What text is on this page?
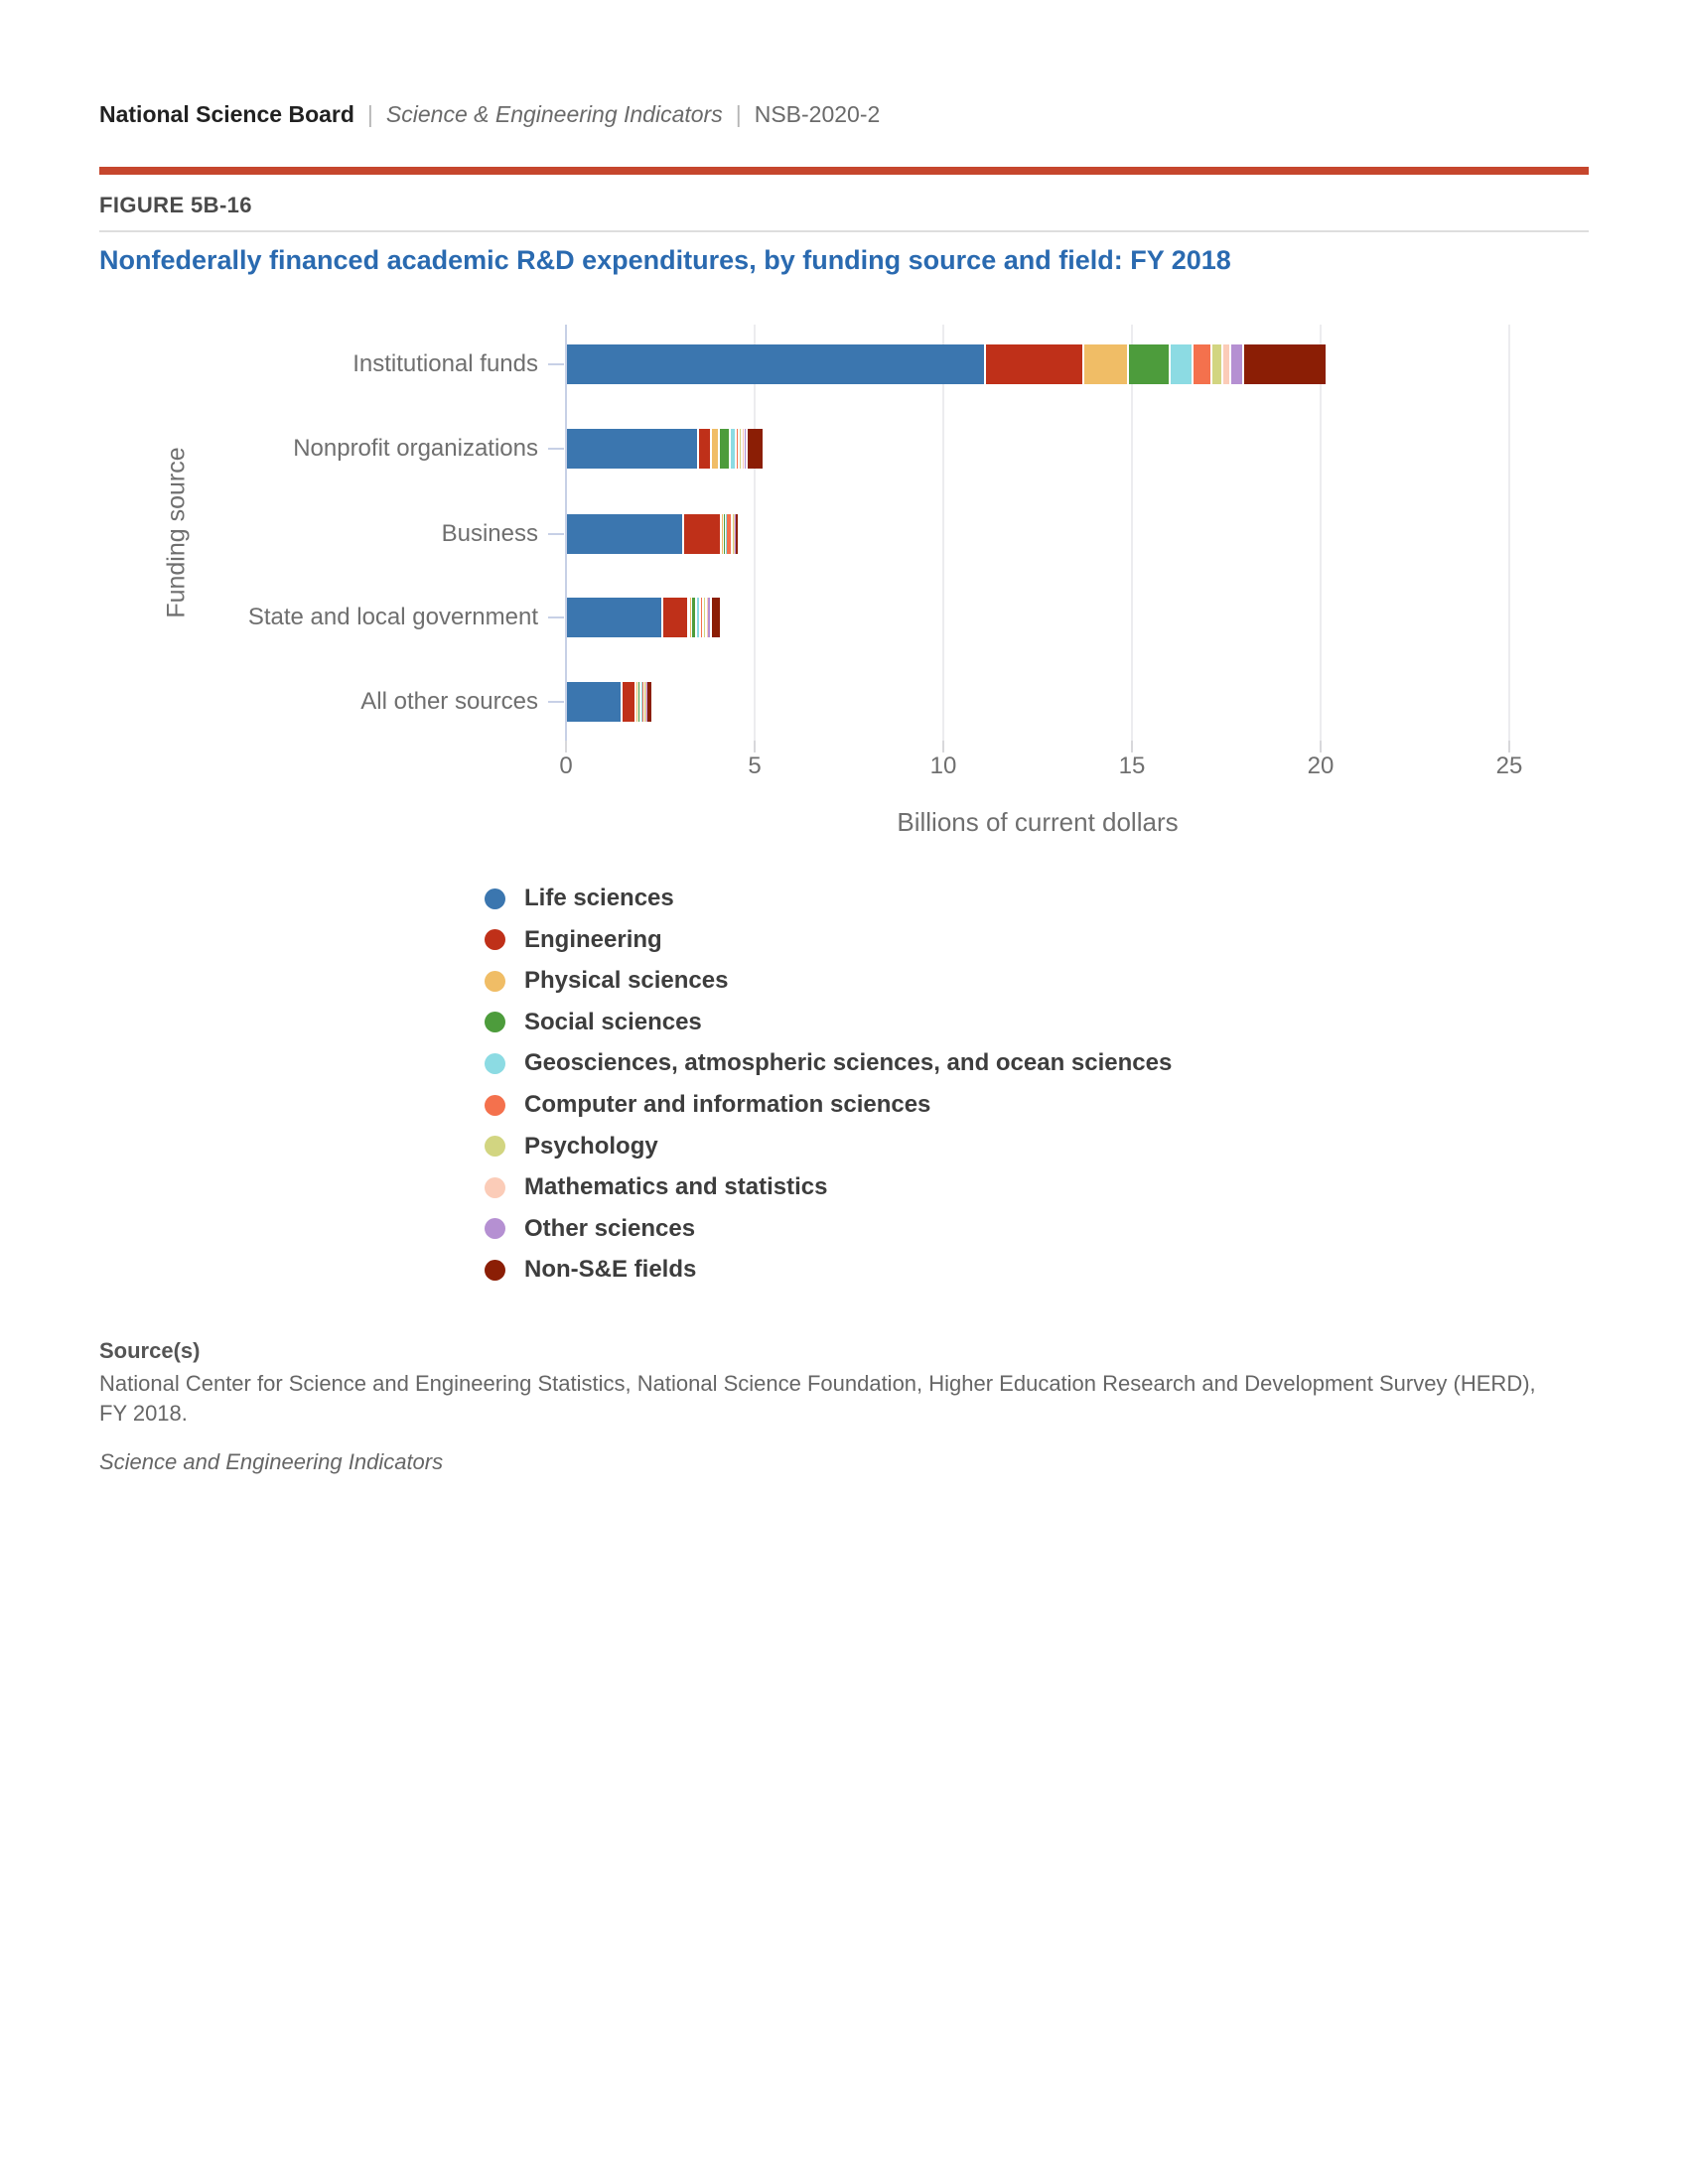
National Science Board | Science & Engineering Indicators | NSB-2020-2
FIGURE 5B-16
Nonfederally financed academic R&D expenditures, by funding source and field: FY 2018
Funding source
Billions of current dollars
0	5	10	15	20	25
Institutional funds
Nonprofit organizations
Business
State and local government
All other sources
Life sciences
Engineering
Physical sciences
Social sciences
Geosciences, atmospheric sciences, and ocean sciences
Computer and information sciences
Psychology
Mathematics and statistics
Other sciences
Non-S&E fields
Source(s)
National Center for Science and Engineering Statistics, National Science Foundation, Higher Education Research and Development Survey (HERD), FY 2018.
Science and Engineering Indicators
